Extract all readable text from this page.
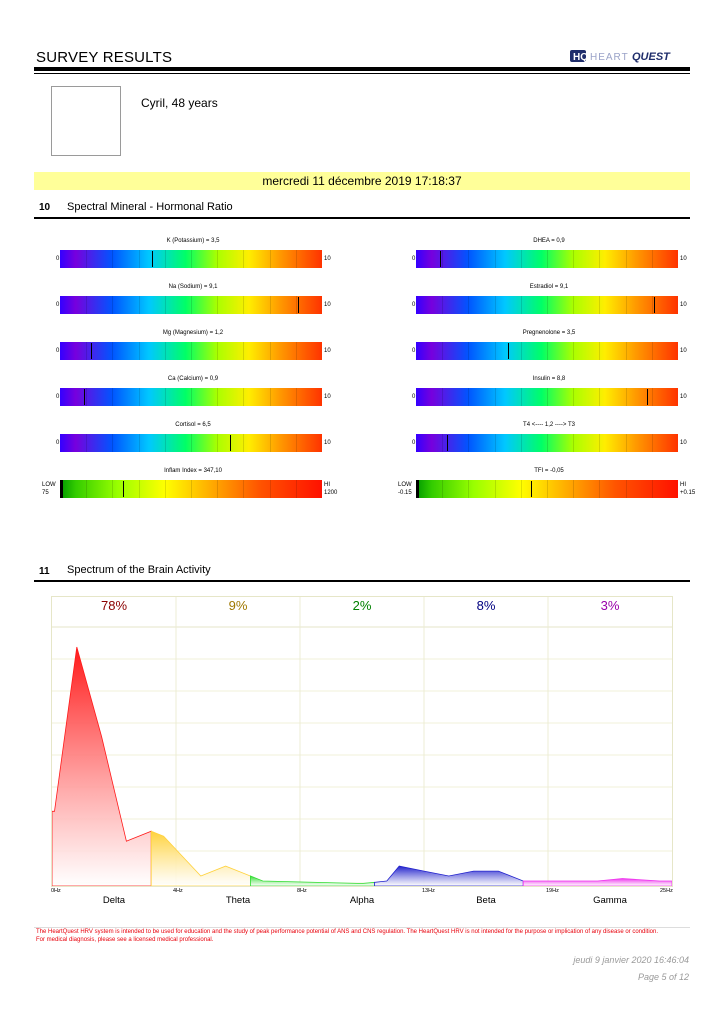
SURVEY RESULTS	HQ HEART QUEST
Cyril, 48 years
mercredi 11 décembre 2019 17:18:37
10 Spectral Mineral - Hormonal Ratio
K (Potassium) = 3,5
0	10
Na (Sodium) = 9,1
0	10
Mg (Magnesium) = 1,2
0	10
Ca (Calcium) = 0,9
0	10
Cortisol = 6,5
0	10
Inflam Index = 347,10
LOW
75
HI
1200
DHEA = 0,9
0	10
Estradiol = 9,1
0	10
Pregnenolone = 3,5
0	10
Insulin = 8,8
0	10
T4 <---- 1,2 ----> T3
0	10
TFI = -0,05
LOW
-0.15
HI
+0.15
11 Spectrum of the Brain Activity
78%
Delta
9%
Theta
2%
Alpha
8%
Beta
3%
Gamma
0Hz	4Hz	8Hz	13Hz	19Hz	25Hz
The HeartQuest HRV system is intended to be used for education and the study of peak performance potential of ANS and CNS regulation. The HeartQuest HRV is not intended for the purpose or implication of any disease or condition.
For medical diagnosis, please see a licensed medical professional.
jeudi 9 janvier 2020 16:46:04
Page 5 of 12
